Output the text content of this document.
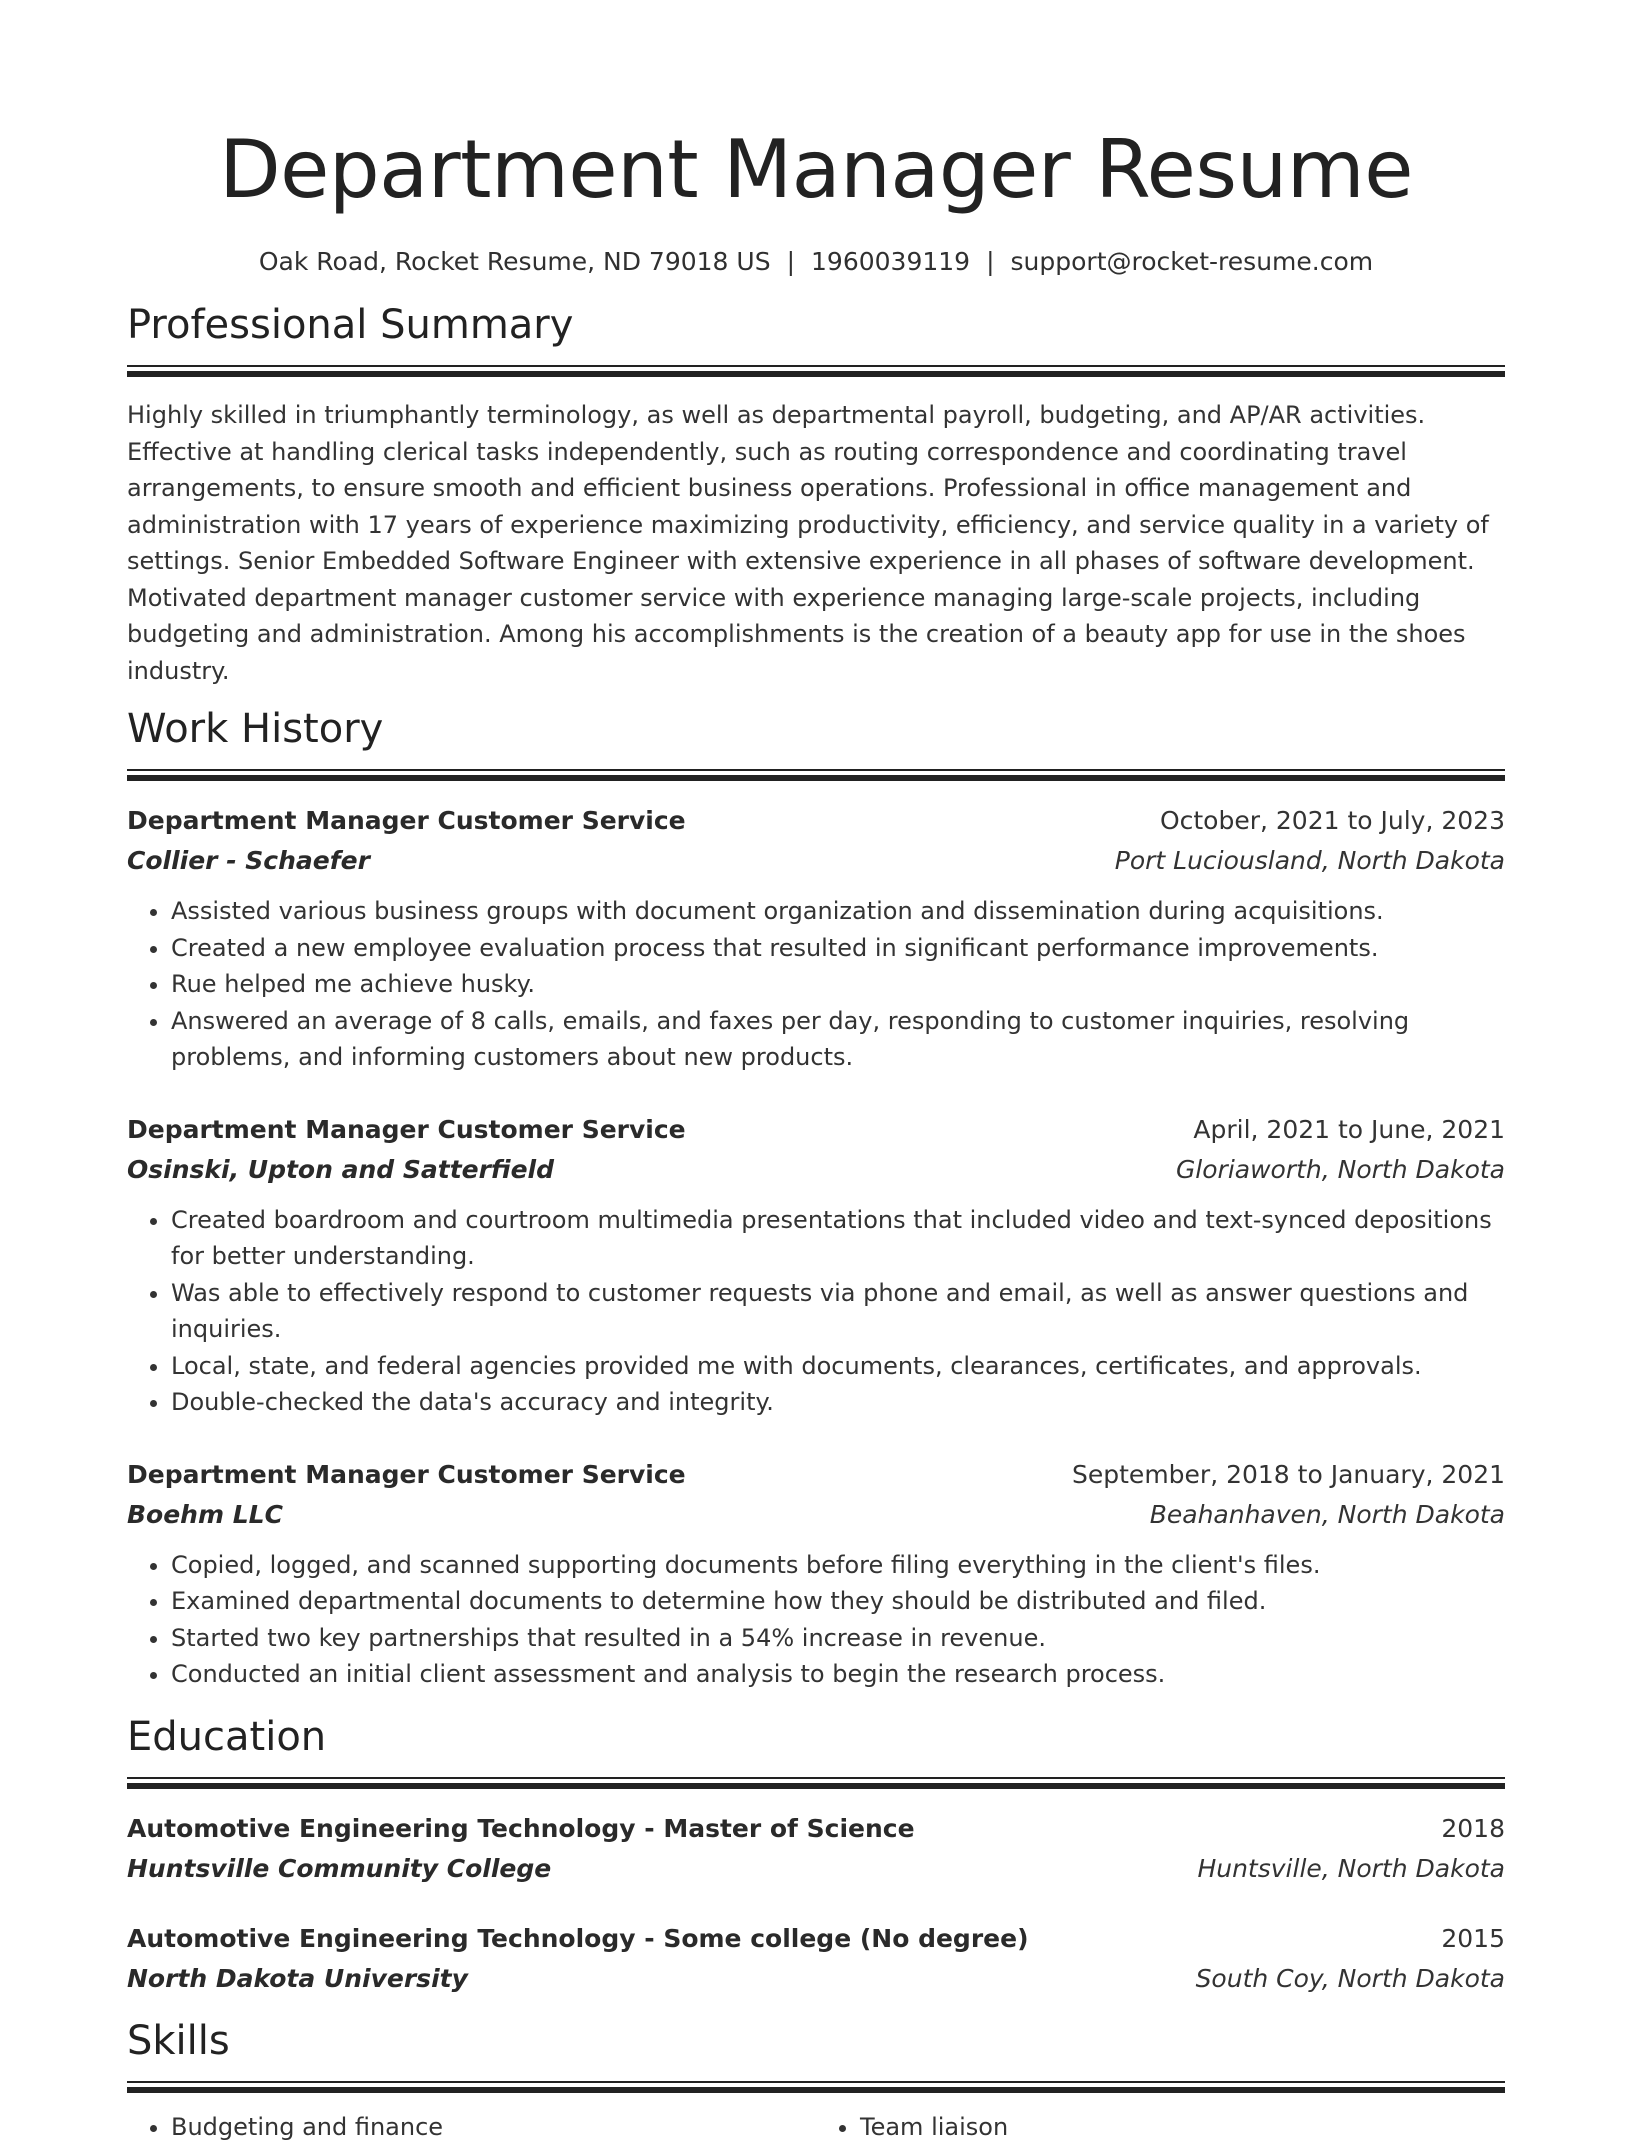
Department Manager Resume
Oak Road, Rocket Resume, ND 79018 US | 1960039119 | support@rocket-resume.com
Professional Summary

Highly skilled in triumphantly terminology, as well as departmental payroll, budgeting, and AP/AR activities. Effective at handling clerical tasks independently, such as routing correspondence and coordinating travel arrangements, to ensure smooth and efficient business operations. Professional in office management and administration with 17 years of experience maximizing productivity, efficiency, and service quality in a variety of settings. Senior Embedded Software Engineer with extensive experience in all phases of software development. Motivated department manager customer service with experience managing large-scale projects, including budgeting and administration. Among his accomplishments is the creation of a beauty app for use in the shoes industry.

Work History
Department Manager Customer Service	October, 2021 to July, 2023
Collier - Schaefer	Port Luciousland, North Dakota
• Assisted various business groups with document organization and dissemination during acquisitions.
• Created a new employee evaluation process that resulted in significant performance improvements.
• Rue helped me achieve husky.
• Answered an average of 8 calls, emails, and faxes per day, responding to customer inquiries, resolving problems, and informing customers about new products.
Department Manager Customer Service	April, 2021 to June, 2021
Osinski, Upton and Satterfield	Gloriaworth, North Dakota
• Created boardroom and courtroom multimedia presentations that included video and text-synced depositions for better understanding.
• Was able to effectively respond to customer requests via phone and email, as well as answer questions and inquiries.
• Local, state, and federal agencies provided me with documents, clearances, certificates, and approvals.
• Double-checked the data's accuracy and integrity.
Department Manager Customer Service	September, 2018 to January, 2021
Boehm LLC	Beahanhaven, North Dakota
• Copied, logged, and scanned supporting documents before filing everything in the client's files.
• Examined departmental documents to determine how they should be distributed and filed.
• Started two key partnerships that resulted in a 54% increase in revenue.
• Conducted an initial client assessment and analysis to begin the research process.
Education
Automotive Engineering Technology - Master of Science	2018
Huntsville Community College	Huntsville, North Dakota
Automotive Engineering Technology - Some college (No degree)	2015
North Dakota University	South Coy, North Dakota
Skills
• Budgeting and finance
•	Team liaison
